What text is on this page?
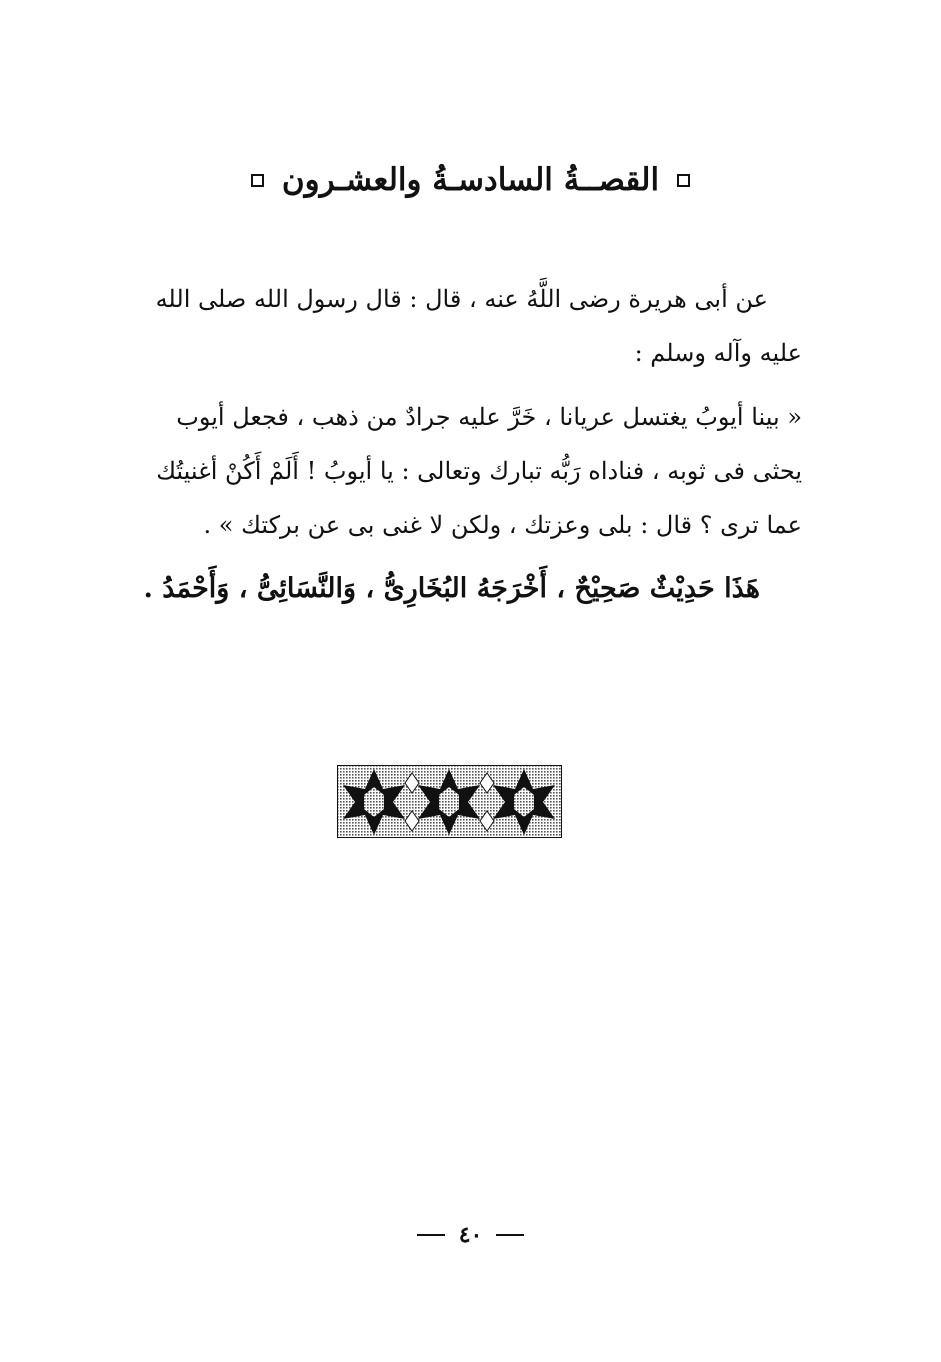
القصــةُ السادسـةُ والعشـرون
عن أبى هريرة رضى اللَّهُ عنه ، قال : قال رسول الله صلى الله
عليه وآله وسلم :
« بينا أيوبُ يغتسل عريانا ، خَرَّ عليه جرادٌ من ذهب ، فجعل أيوب
يحثى فى ثوبه ، فناداه رَبُّه تبارك وتعالى : يا أيوبُ ! أَلَمْ أَكُنْ أغنيتُك
عما ترى ؟ قال : بلى وعزتك ، ولكن لا غنى بى عن بركتك » .
هَذَا حَدِيْثٌ صَحِيْحٌ ، أَخْرَجَهُ البُخَارِىُّ ، وَالنَّسَائِىُّ ، وَأَحْمَدُ .
٤٠
